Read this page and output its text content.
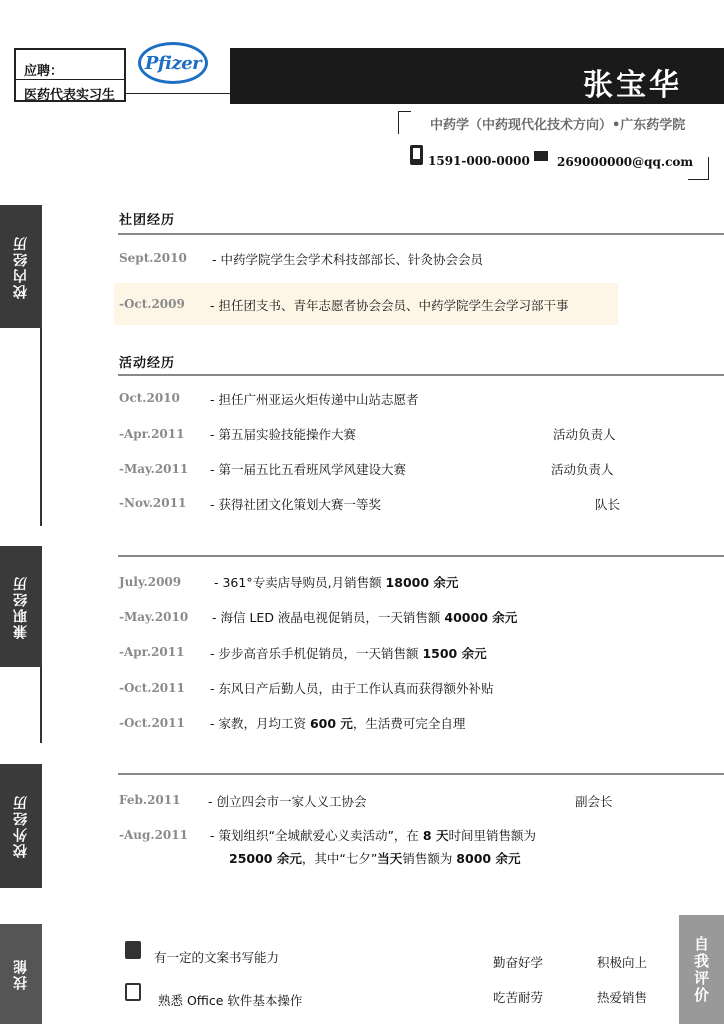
应聘：
医药代表实习生
Pfizer
张宝华
中药学（中药现代化技术方向）•广东药学院
1591-000-0000 269000000@qq.com
校内经历
兼职经历
校外经历
技能
社团经历
Sept.2010 - 中药学院学生会学术科技部部长、针灸协会会员
-Oct.2009 - 担任团支书、青年志愿者协会会员、中药学院学生会学习部干事
活动经历
Oct.2010 - 担任广州亚运火炬传递中山站志愿者
-Apr.2011 - 第五届实验技能操作大赛	活动负责人
-May.2011 - 第一届五比五看班风学风建设大赛	活动负责人
-Nov.2011 - 获得社团文化策划大赛一等奖	队长
July.2009	- 361°专卖店导购员,月销售额 18000 余元
-May.2010 - 海信 LED 液晶电视促销员，一天销售额 40000 余元
-Apr.2011 - 步步高音乐手机促销员，一天销售额 1500 余元
-Oct.2011 - 东风日产后勤人员，由于工作认真而获得额外补贴
-Oct.2011 - 家教，月均工资 600 元，生活费可完全自理
Feb.2011 - 创立四会市一家人义工协会	副会长
-Aug.2011 - 策划组织“全城献爱心义卖活动”，在 8 天时间里销售额为
25000 余元，其中“七夕”当天销售额为 8000 余元
有一定的文案书写能力
熟悉 Office 软件基本操作
勤奋好学	积极向上
吃苦耐劳	热爱销售	自我评价
